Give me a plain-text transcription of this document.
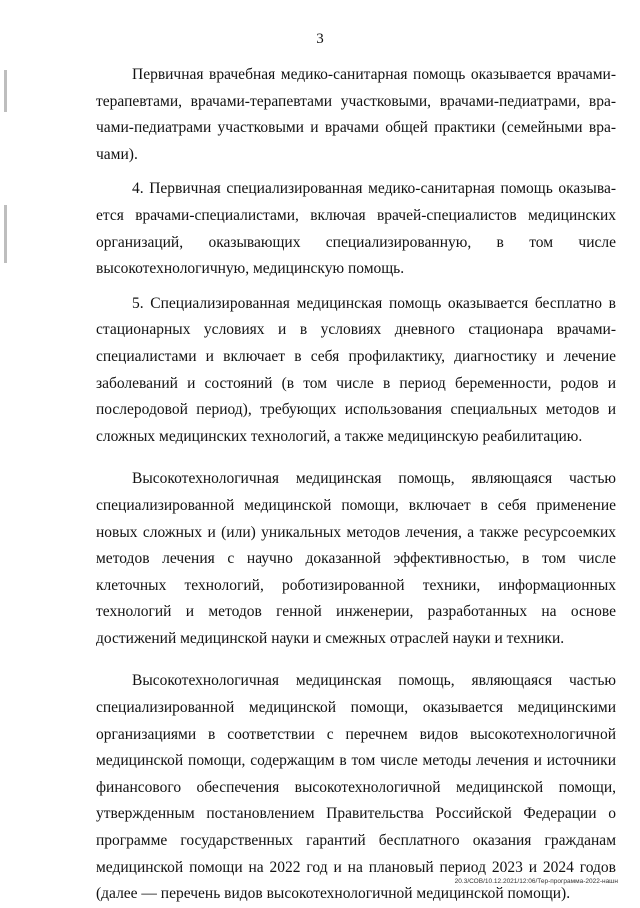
3

Первичная врачебная медико-санитарная помощь оказывается врачами-терапевтами, врачами-терапевтами участковыми, врачами-педиатрами, врачами-педиатрами участковыми и врачами общей практики (семейными врачами).

4. Первичная специализированная медико-санитарная помощь оказывается врачами-специалистами, включая врачей-специалистов медицинских организаций, оказывающих специализированную, в том числе высокотехнологичную, медицинскую помощь.

5. Специализированная медицинская помощь оказывается бесплатно в стационарных условиях и в условиях дневного стационара врачами-специалистами и включает в себя профилактику, диагностику и лечение заболеваний и состояний (в том числе в период беременности, родов и послеродовой период), требующих использования специальных методов и сложных медицинских технологий, а также медицинскую реабилитацию.

Высокотехнологичная медицинская помощь, являющаяся частью специализированной медицинской помощи, включает в себя применение новых сложных и (или) уникальных методов лечения, а также ресурсоемких методов лечения с научно доказанной эффективностью, в том числе клеточных технологий, роботизированной техники, информационных технологий и методов генной инженерии, разработанных на основе достижений медицинской науки и смежных отраслей науки и техники.

Высокотехнологичная медицинская помощь, являющаяся частью специализированной медицинской помощи, оказывается медицинскими организациями в соответствии с перечнем видов высокотехнологичной медицинской помощи, содержащим в том числе методы лечения и источники финансового обеспечения высокотехнологичной медицинской помощи, утвержденным постановлением Правительства Российской Федерации о программе государственных гарантий бесплатного оказания гражданам медицинской помощи на 2022 год и на плановый период 2023 и 2024 годов (далее — перечень видов высокотехнологичной медицинской помощи).

20.3/СОВ/10.12.2021/12:06/Тер-программа-2022-нашн
